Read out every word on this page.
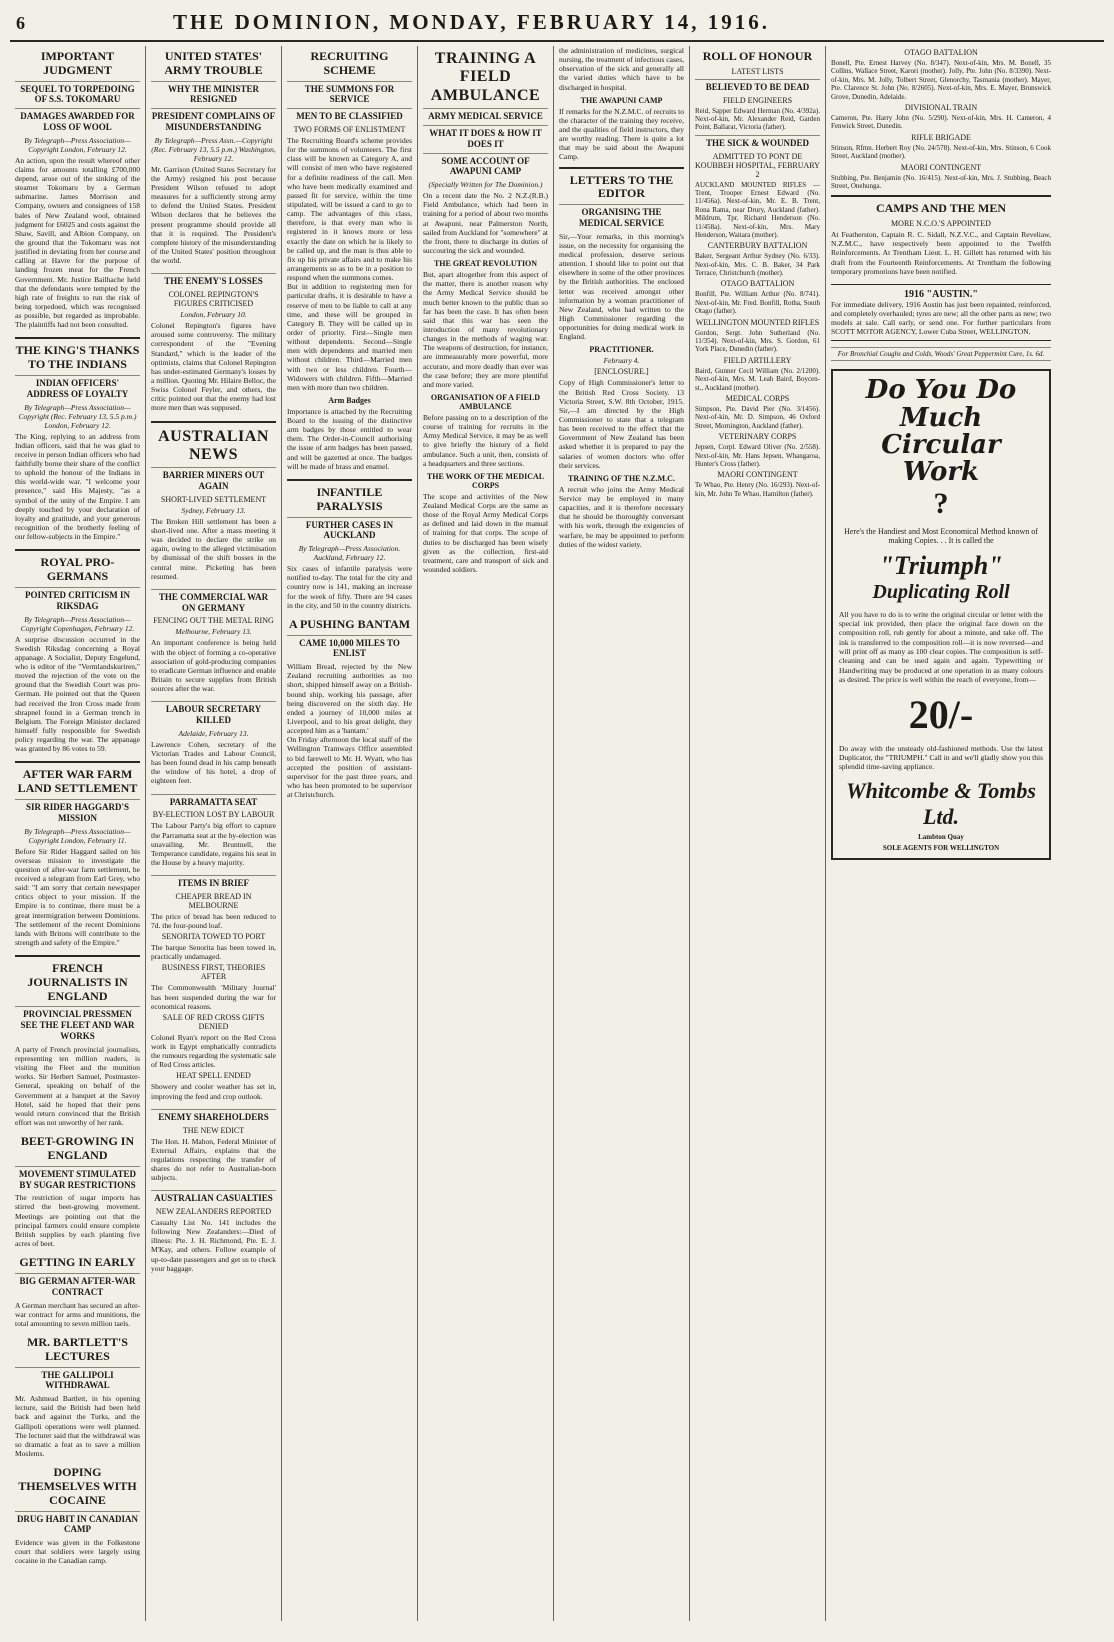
6	THE DOMINION, MONDAY, FEBRUARY 14, 1916.
IMPORTANT JUDGMENT
SEQUEL TO TORPEDOING OF S.S. TOKOMARU
DAMAGES AWARDED FOR LOSS OF WOOL
By Telegraph—Press Association—Copyright London, February 12.

An action, upon the result whereof other claims for amounts totalling £700,000 depend, arose out of the sinking of the steamer Tokomaru by a German submarine. James Morrison and Company, owners and consignees of 158 bales of New Zealand wool, obtained judgment for £6025 and costs against the Shaw, Savill, and Albion Company, on the ground that the Tokomaru was not justified in deviating from her course and calling at Havre for the purpose of landing frozen meat for the French Government. Mr. Justice Bailhache held that the defendants were tempted by the high rate of freights to run the risk of being torpedoed, which was recognised as possible, but regarded as improbable. The plaintiffs had not been consulted.

THE KING'S THANKS TO THE INDIANS
INDIAN OFFICERS' ADDRESS OF LOYALTY
By Telegraph—Press Association—Copyright (Rec. February 13, 5.5 p.m.) London, February 12.

The King, replying to an address from Indian officers, said that he was glad to receive in person Indian officers who had faithfully borne their share of the conflict to uphold the honour of the Indians in this world-wide war. "I welcome your presence," said His Majesty, "as a symbol of the unity of the Empire. I am deeply touched by your declaration of loyalty and gratitude, and your generous recognition of the brotherly feeling of our fellow-subjects in the Empire."

ROYAL PRO-GERMANS
POINTED CRITICISM IN RIKSDAG
By Telegraph—Press Association—Copyright Copenhagen, February 12.

A surprise discussion occurred in the Swedish Riksdag concerning a Royal appanage. A Socialist, Deputy Engelund, who is editor of the "Vermlandskuriren," moved the rejection of the vote on the ground that the Swedish Court was pro-German. He pointed out that the Queen had received the Iron Cross made from shrapnel found in a German trench in Belgium. The Foreign Minister declared himself fully responsible for Swedish policy regarding the war. The appanage was granted by 86 votes to 59.

AFTER WAR FARM LAND SETTLEMENT
SIR RIDER HAGGARD'S MISSION
By Telegraph—Press Association—Copyright London, February 11.

Before Sir Rider Haggard sailed on his overseas mission to investigate the question of after-war farm settlement, he received a telegram from Earl Grey, who said: "I am sorry that certain newspaper critics object to your mission. If the Empire is to continue, there must be a great intermigration between Dominions. The settlement of the recent Dominions lands with Britons will contribute to the strength and safety of the Empire."

FRENCH JOURNALISTS IN ENGLAND
PROVINCIAL PRESSMEN SEE THE FLEET AND WAR WORKS

A party of French provincial journalists, representing ten million readers, is visiting the Fleet and the munition works. Sir Herbert Samuel, Postmaster-General, speaking on behalf of the Government at a banquet at the Savoy Hotel, said he hoped that their pens would return convinced that the British effort was not unworthy of her rank.

BEET-GROWING IN ENGLAND
MOVEMENT STIMULATED BY SUGAR RESTRICTIONS

The restriction of sugar imports has stirred the beet-growing movement. Meetings are pointing out that the principal farmers could ensure complete British supplies by each planting five acres of beet.

GETTING IN EARLY
BIG GERMAN AFTER-WAR CONTRACT

A German merchant has secured an after-war contract for arms and munitions, the total amounting to seven million taels.

MR. BARTLETT'S LECTURES
THE GALLIPOLI WITHDRAWAL

Mr. Ashmead Bartlett, in his opening lecture, said the British had been held back and against the Turks, and the Gallipoli operations were well planned. The lecturer said that the withdrawal was so dramatic a feat as to save a million Moslems.

DOPING THEMSELVES WITH COCAINE
DRUG HABIT IN CANADIAN CAMP

Evidence was given in the Folkestone court that soldiers were largely using cocaine in the Canadian camp.

UNITED STATES' ARMY TROUBLE
WHY THE MINISTER RESIGNED
PRESIDENT COMPLAINS OF MISUNDERSTANDING
By Telegraph—Press Assn.—Copyright (Rec. February 13, 5.5 p.m.) Washington, February 12.

Mr. Garrison (United States Secretary for the Army) resigned his post because President Wilson refused to adopt measures for a sufficiently strong army to defend the United States. President Wilson declares that he believes the present programme should provide all that it is required. The President's complete history of the misunderstanding of the United States' position throughout the world.

THE ENEMY'S LOSSES
COLONEL REPINGTON'S FIGURES CRITICISED
London, February 10.

Colonel Repington's figures have aroused some controversy. The military correspondent of the "Evening Standard," which is the leader of the optimists, claims that Colonel Repington has under-estimated Germany's losses by a million. Quoting Mr. Hilaire Belloc, the Swiss Colonel Feyler, and others, the critic pointed out that the enemy had lost more men than was supposed.

AUSTRALIAN NEWS
BARRIER MINERS OUT AGAIN
SHORT-LIVED SETTLEMENT
Sydney, February 13.

The Broken Hill settlement has been a short-lived one. After a mass meeting it was decided to declare the strike on again, owing to the alleged victimisation by dismissal of the shift bosses in the central mine. Picketing has been resumed.

THE COMMERCIAL WAR ON GERMANY
FENCING OUT THE METAL RING
Melbourne, February 13.

An important conference is being held with the object of forming a co-operative association of gold-producing companies to eradicate German influence and enable Britain to secure supplies from British sources after the war.

LABOUR SECRETARY KILLED
Adelaide, February 13.

Lawrence Cohen, secretary of the Victorian Trades and Labour Council, has been found dead in his camp beneath the window of his hotel, a drop of eighteen feet.

PARRAMATTA SEAT
BY-ELECTION LOST BY LABOUR

The Labour Party's big effort to capture the Parramatta seat at the by-election was unavailing. Mr. Bruntnell, the Temperance candidate, regains his seat in the House by a heavy majority.

ITEMS IN BRIEF
CHEAPER BREAD IN MELBOURNE

The price of bread has been reduced to 7d. the four-pound loaf.

SENORITA TOWED TO PORT

The barque Senorita has been towed in, practically undamaged.

BUSINESS FIRST, THEORIES AFTER

The Commonwealth 'Military Journal' has been suspended during the war for economical reasons.

SALE OF RED CROSS GIFTS DENIED

Colonel Ryan's report on the Red Cross work in Egypt emphatically contradicts the rumours regarding the systematic sale of Red Cross articles.

HEAT SPELL ENDED

Showery and cooler weather has set in, improving the feed and crop outlook.

ENEMY SHAREHOLDERS
THE NEW EDICT

The Hon. H. Mahon, Federal Minister of External Affairs, explains that the regulations respecting the transfer of shares do not refer to Australian-born subjects.

AUSTRALIAN CASUALTIES
NEW ZEALANDERS REPORTED

Casualty List No. 141 includes the following New Zealanders:—Died of illness: Pte. J. H. Richmond, Pte. E. J. M'Kay, and others. Follow example of up-to-date passengers and get us to check your baggage.

RECRUITING SCHEME
THE SUMMONS FOR SERVICE
MEN TO BE CLASSIFIED
TWO FORMS OF ENLISTMENT

The Recruiting Board's scheme provides for the summons of volunteers. The first class will be known as Category A, and will consist of men who have registered for a definite readiness of the call. Men who have been medically examined and passed fit for service, within the time stipulated, will be issued a card to go to camp. The advantages of this class, therefore, is that every man who is registered in it knows more or less exactly the date on which he is likely to be called up, and the man is thus able to fix up his private affairs and to make his arrangements so as to be in a position to respond when the summons comes.

But in addition to registering men for particular drafts, it is desirable to have a reserve of men to be liable to call at any time, and these will be grouped in Category B. They will be called up in order of priority. First—Single men without dependents. Second—Single men with dependents and married men without children. Third—Married men with two or less children. Fourth—Widowers with children. Fifth—Married men with more than two children.

Arm Badges

Importance is attached by the Recruiting Board to the issuing of the distinctive arm badges by those entitled to wear them. The Order-in-Council authorising the issue of arm badges has been passed, and will be gazetted at once. The badges will be made of brass and enamel.

INFANTILE PARALYSIS
FURTHER CASES IN AUCKLAND
By Telegraph—Press Association. Auckland, February 12.

Six cases of infantile paralysis were notified to-day. The total for the city and country now is 141, making an increase for the week of fifty. There are 94 cases in the city, and 50 in the country districts.

A PUSHING BANTAM
CAME 10,000 MILES TO ENLIST

William Bread, rejected by the New Zealand recruiting authorities as too short, shipped himself away on a British-bound ship, working his passage, after being discovered on the sixth day. He ended a journey of 10,000 miles at Liverpool, and to his great delight, they accepted him as a 'bantam.'

On Friday afternoon the local staff of the Wellington Tramways Office assembled to bid farewell to Mr. H. Wyatt, who has accepted the position of assistant-supervisor for the past three years, and who has been promoted to be supervisor at Christchurch.

TRAINING A FIELD AMBULANCE
ARMY MEDICAL SERVICE
WHAT IT DOES & HOW IT DOES IT
SOME ACCOUNT OF AWAPUNI CAMP
(Specially Written for The Dominion.)

On a recent date the No. 2 N.Z.(R.B.) Field Ambulance, which had been in training for a period of about two months at Awapuni, near Palmerston North, sailed from Auckland for "somewhere" at the front, there to discharge its duties of succouring the sick and wounded.

THE GREAT REVOLUTION

But, apart altogether from this aspect of the matter, there is another reason why the Army Medical Service should be much better known to the public than so far has been the case. It has often been said that this war has seen the introduction of many revolutionary changes in the methods of waging war. The weapons of destruction, for instance, are immeasurably more powerful, more accurate, and more deadly than ever was the case before; they are more plentiful and more varied.

ORGANISATION OF A FIELD AMBULANCE

Before passing on to a description of the course of training for recruits in the Army Medical Service, it may be as well to give briefly the history of a field ambulance. Such a unit, then, consists of a headquarters and three sections.

THE WORK OF THE MEDICAL CORPS

The scope and activities of the New Zealand Medical Corps are the same as those of the Royal Army Medical Corps as defined and laid down in the manual of training for that corps. The scope of duties to be discharged has been wisely given as the collection, first-aid treatment, care and transport of sick and wounded soldiers.

the administration of medicines, surgical nursing, the treatment of infectious cases, observation of the sick and generally all the varied duties which have to be discharged in hospital.

THE AWAPUNI CAMP

If remarks for the N.Z.M.C. of recruits to the character of the training they receive, and the qualities of field instructors, they are worthy reading. There is quite a lot that may be said about the Awapuni Camp.

LETTERS TO THE EDITOR
ORGANISING THE MEDICAL SERVICE

Sir,—Your remarks, in this morning's issue, on the necessity for organising the medical profession, deserve serious attention. I should like to point out that elsewhere in some of the other provinces by the British authorities. The enclosed letter was received amongst other information by a woman practitioner of New Zealand, who had written to the High Commissioner regarding the opportunities for doing medical work in England.

PRACTITIONER.
February 4.
[ENCLOSURE.]

Copy of High Commissioner's letter to the British Red Cross Society. 13 Victoria Street, S.W. 8th October, 1915. Sir,—I am directed by the High Commissioner to state that a telegram has been received to the effect that the Government of New Zealand has been asked whether it is prepared to pay the salaries of women doctors who offer their services.

TRAINING OF THE N.Z.M.C.

A recruit who joins the Army Medical Service may be employed in many capacities, and it is therefore necessary that he should be thoroughly conversant with his work, through the exigencies of warfare, he may be appointed to perform duties of the widest variety.

ROLL OF HONOUR
LATEST LISTS
BELIEVED TO BE DEAD
FIELD ENGINEERS

Reid, Sapper Edward Herman (No. 4/392a). Next-of-kin, Mr. Alexander Reid, Garden Point, Ballarat, Victoria (father).

THE SICK & WOUNDED
ADMITTED TO PONT DE KOUBBEH HOSPITAL, FEBRUARY 2

AUCKLAND MOUNTED RIFLES — Trent, Trooper Ernest Edward (No. 11/456a). Next-of-kin, Mr. E. B. Trent, Rona Rama, near Drury, Auckland (father). Mildrum, Tpr. Richard Henderson (No. 11/458a). Next-of-kin, Mrs. Mary Henderson, Waitara (mother).

CANTERBURY BATTALION

Baker, Sergeant Arthur Sydney (No. 6/33). Next-of-kin, Mrs. C. B. Baker, 34 Park Terrace, Christchurch (mother).

OTAGO BATTALION

Bonfill, Pte. William Arthur (No. 8/741). Next-of-kin, Mr. Fred. Bonfill, Rotha, South Otago (father).

WELLINGTON MOUNTED RIFLES

Gordon, Sergt. John Sutherland (No. 11/354). Next-of-kin, Mrs. S. Gordon, 61 York Place, Dunedin (father).

FIELD ARTILLERY

Baird, Gunner Cecil William (No. 2/1200). Next-of-kin, Mrs. M. Leah Baird, Boycen-st., Auckland (mother).

MEDICAL CORPS

Simpson, Pte. David Pier (No. 3/1456). Next-of-kin, Mr. D. Simpson, 46 Oxford Street, Mornington, Auckland (father).

VETERINARY CORPS

Jepsen, Corpl. Edward Oliver (No. 2/558). Next-of-kin, Mr. Hans Jepsen, Whangaroa, Hunter's Cross (father).

MAORI CONTINGENT

Te Whao, Pte. Henry (No. 16/293). Next-of-kin, Mr. John Te Whao, Hamilton (father).

OTAGO BATTALION

Bonell, Pte. Ernest Harvey (No. 8/347). Next-of-kin, Mrs. M. Bonell, 35 Collins, Wallace Street, Karori (mother). Jolly, Pte. John (No. 8/3390). Next-of-kin, Mrs. M. Jolly, Tolbert Street, Glenorchy, Tasmania (mother). Mayer, Pte. Clarence St. John (No. 8/2605). Next-of-kin, Mrs. E. Mayer, Brunswick Grove, Dunedin, Adelaide.

DIVISIONAL TRAIN

Cameron, Pte. Harry John (No. 5/290). Next-of-kin, Mrs. H. Cameron, 4 Fenwick Street, Dunedin.

RIFLE BRIGADE

Stinson, Rfmn. Herbert Roy (No. 24/578). Next-of-kin, Mrs. Stinson, 6 Cook Street, Auckland (mother).

MAORI CONTINGENT

Stubbing, Pte. Benjamin (No. 16/415). Next-of-kin, Mrs. J. Stubbing, Beach Street, Onehunga.

CAMPS AND THE MEN
MORE N.C.O.'S APPOINTED

At Featherston, Captain R. C. Sidall, N.Z.V.C., and Captain Reveliaw, N.Z.M.C., have respectively been appointed to the Twelfth Reinforcements. At Trentham Lieut. L. H. Gillett has returned with his draft from the Fourteenth Reinforcements. At Trentham the following temporary promotions have been notified.

1916 "AUSTIN."

For immediate delivery, 1916 Austin has just been repainted, reinforced, and completely overhauled; tyres are new; all the other parts as new; two models at sale. Call early, or send one. For further particulars from SCOTT MOTOR AGENCY, Lower Cuba Street, WELLINGTON.

For Bronchial Coughs and Colds, Woods' Great Peppermint Cure, 1s. 6d.
Do You Do Much Circular Work
?
Here's the Handiest and Most Economical Method known of making Copies. . . It is called the
"Triumph"
Duplicating Roll
All you have to do is to write the original circular or letter with the special ink provided, then place the original face down on the composition roll, rub gently for about a minute, and take off. The ink is transferred to the composition roll—it is now reversed—and will print off as many as 100 clear copies. The composition is self-cleaning and can be used again and again. Typewriting or Handwriting may be produced at one operation in as many colours as desired. The price is well within the reach of everyone, from—
20/-
Do away with the unsteady old-fashioned methods. Use the latest Duplicator, the "TRIUMPH." Call in and we'll gladly show you this splendid time-saving appliance.
Whitcombe & Tombs Ltd.
Lambton Quay
SOLE AGENTS FOR WELLINGTON
